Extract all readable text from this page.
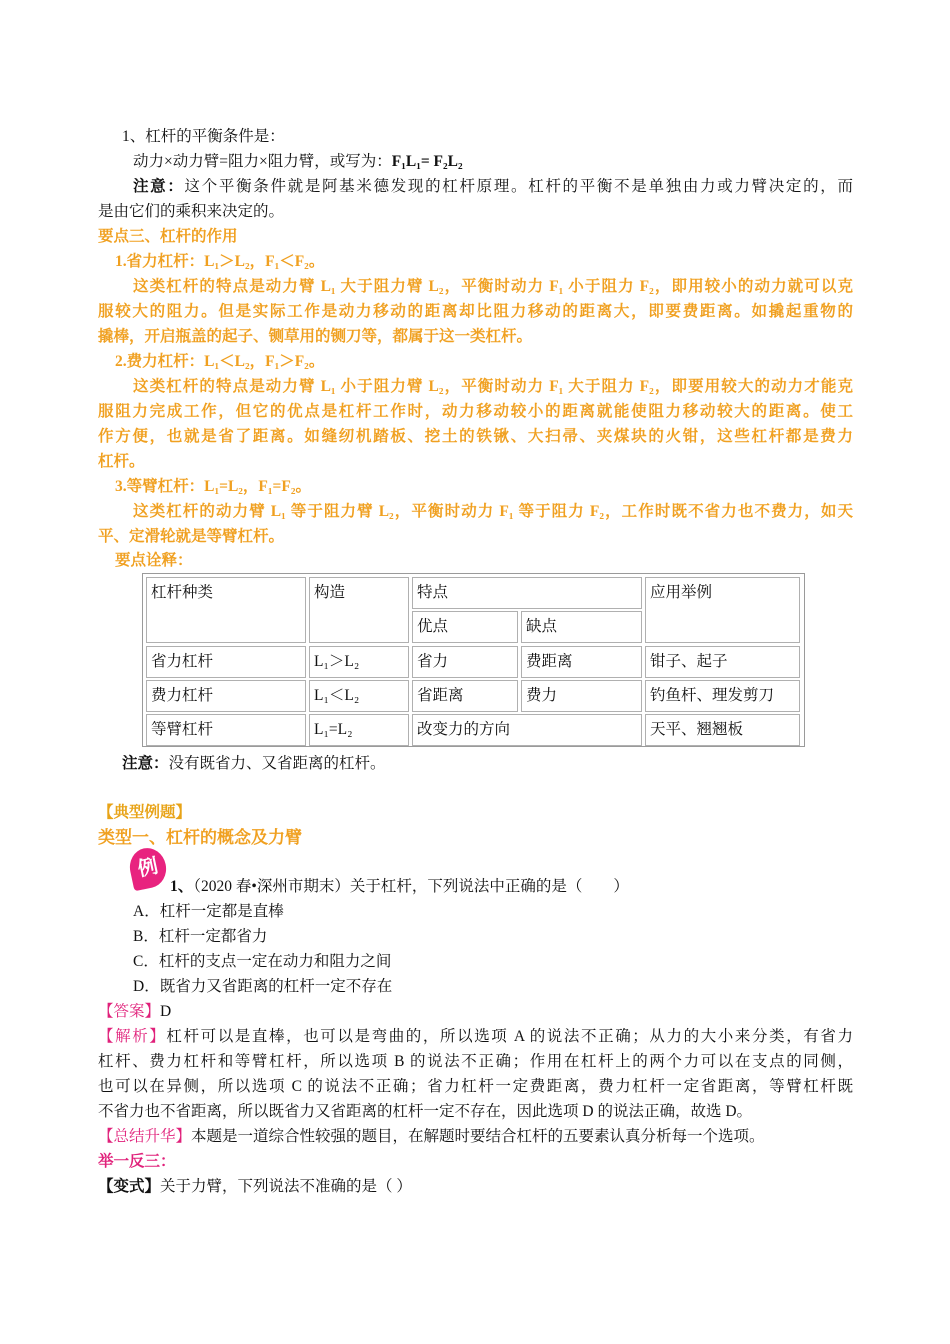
1、杠杆的平衡条件是：
动力×动力臂=阻力×阻力臂，或写为：F₁L₁= F₂L₂
注意：这个平衡条件就是阿基米德发现的杠杆原理。杠杆的平衡不是单独由力或力臂决定的，而
是由它们的乘积来决定的。
要点三、杠杆的作用
1.省力杠杆：L₁＞L₂，F₁＜F₂。
这类杠杆的特点是动力臂 L₁ 大于阻力臂 L₂，平衡时动力 F₁ 小于阻力 F₂，即用较小的动力就可以克
服较大的阻力。但是实际工作是动力移动的距离却比阻力移动的距离大，即要费距离。如撬起重物的
撬棒，开启瓶盖的起子、铡草用的铡刀等，都属于这一类杠杆。
2.费力杠杆：L₁＜L₂，F₁＞F₂。
这类杠杆的特点是动力臂 L₁ 小于阻力臂 L₂，平衡时动力 F₁ 大于阻力 F₂，即要用较大的动力才能克
服阻力完成工作，但它的优点是杠杆工作时，动力移动较小的距离就能使阻力移动较大的距离。使工
作方便，也就是省了距离。如缝纫机踏板、挖土的铁锹、大扫帚、夹煤块的火钳，这些杠杆都是费力
杠杆。
3.等臂杠杆：L₁=L₂，F₁=F₂。
这类杠杆的动力臂 L₁ 等于阻力臂 L₂，平衡时动力 F₁ 等于阻力 F₂，工作时既不省力也不费力，如天
平、定滑轮就是等臂杠杆。
要点诠释：
杠杆种类	构造	特点	应用举例
优点	缺点
省力杠杆	L₁＞L₂	省力	费距离	钳子、起子
费力杠杆	L₁＜L₂	省距离	费力	钓鱼杆、理发剪刀
等臂杠杆	L₁=L₂	改变力的方向	天平、翘翘板
注意：没有既省力、又省距离的杠杆。
【典型例题】
类型一、杠杆的概念及力臂
例
1、（2020 春•深州市期末）关于杠杆，下列说法中正确的是（　　）
A．杠杆一定都是直棒
B．杠杆一定都省力
C．杠杆的支点一定在动力和阻力之间
D．既省力又省距离的杠杆一定不存在
【答案】D
【解析】杠杆可以是直棒，也可以是弯曲的，所以选项 A 的说法不正确；从力的大小来分类，有省力
杠杆、费力杠杆和等臂杠杆，所以选项 B 的说法不正确；作用在杠杆上的两个力可以在支点的同侧，
也可以在异侧，所以选项 C 的说法不正确；省力杠杆一定费距离，费力杠杆一定省距离，等臂杠杆既
不省力也不省距离，所以既省力又省距离的杠杆一定不存在，因此选项 D 的说法正确，故选 D。
【总结升华】本题是一道综合性较强的题目，在解题时要结合杠杆的五要素认真分析每一个选项。
举一反三：
【变式】关于力臂，下列说法不准确的是（ ）
